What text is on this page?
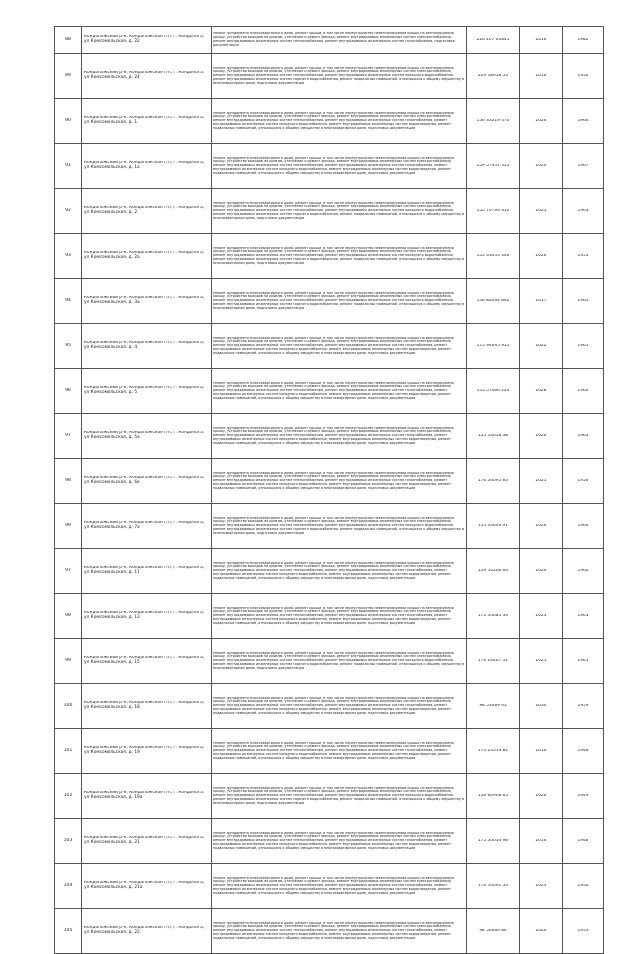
88	Кондопожский р-н, Кондопожское г/п, г. Кондопога, ул Комсомольская, д. 22	Ремонт фундамента многоквартирного дома, ремонт крыши, в том числе переустройство невентилируемой крыши на вентилируемую крышу, устройство выходов на кровлю, утепление и ремонт фасада, ремонт внутридомовых инженерных систем электроснабжения, ремонт внутридомовых инженерных систем теплоснабжения, ремонт внутридомовых инженерных систем газоснабжения, подготовка документации	226 207 01845	2016	1982

89	Кондопожский р-н, Кондопожское г/п, г. Кондопога, ул Комсомольская, д. 24	Ремонт фундамента многоквартирного дома, ремонт крыши, в том числе переустройство невентилируемой крыши на вентилируемую крышу, устройство выходов на кровлю, утепление и ремонт фасада, ремонт внутридомовых инженерных систем электроснабжения, ремонт внутридомовых инженерных систем теплоснабжения, ремонт внутридомовых инженерных систем холодного водоснабжения, ремонт внутридомовых инженерных систем горячего водоснабжения, ремонт подвальных помещений, относящихся к общему имуществу в многоквартирном доме, подготовка документации	229 58058 53	2016	1952

90	Кондопожский р-н, Кондопожское г/п, г. Кондопога, ул Комсомольская, д. 1	Ремонт фундамента многоквартирного дома, ремонт крыши, в том числе переустройство невентилируемой крыши на вентилируемую крышу, устройство выходов на кровлю, утепление и ремонт фасада, ремонт внутридомовых инженерных систем электроснабжения, ремонт внутридомовых инженерных систем теплоснабжения, ремонт внутридомовых инженерных систем газоснабжения, ремонт внутридомовых инженерных систем холодного водоснабжения, ремонт внутридомовых инженерных систем водоотведения, ремонт подвальных помещений, относящихся к общему имуществу в многоквартирном доме, подготовка документации	156 33219 474	2026	1966

91	Кондопожский р-н, Кондопожское г/п, г. Кондопога, ул Комсомольская, д. 1а	Ремонт фундамента многоквартирного дома, ремонт крыши, в том числе переустройство невентилируемой крыши на вентилируемую крышу, устройство выходов на кровлю, утепление и ремонт фасада, ремонт внутридомовых инженерных систем электроснабжения, ремонт внутридомовых инженерных систем теплоснабжения, ремонт внутридомовых инженерных систем газоснабжения, ремонт внутридомовых инженерных систем холодного водоснабжения, ремонт внутридомовых инженерных систем водоотведения, ремонт подвальных помещений, относящихся к общему имуществу в многоквартирном доме, подготовка документации	159 57951 355	2020	1967

92	Кондопожский р-н, Кондопожское г/п, г. Кондопога, ул Комсомольская, д. 2	Ремонт фундамента многоквартирного дома, ремонт крыши, в том числе переустройство невентилируемой крыши на вентилируемую крышу, устройство выходов на кровлю, утепление и ремонт фасада, ремонт внутридомовых инженерных систем электроснабжения, ремонт внутридомовых инженерных систем теплоснабжения, ремонт внутридомовых инженерных систем холодного водоснабжения, ремонт внутридомовых инженерных систем горячего водоснабжения, ремонт подвальных помещений, относящихся к общему имуществу в многоквартирном доме, подготовка документации	155 70793 312	2025	1963

93	Кондопожский р-н, Кондопожское г/п, г. Кондопога, ул Комсомольская, д. 2а	Ремонт фундамента многоквартирного дома, ремонт крыши, в том числе переустройство невентилируемой крыши на вентилируемую крышу, устройство выходов на кровлю, утепление и ремонт фасада, ремонт внутридомовых инженерных систем электроснабжения, ремонт внутридомовых инженерных систем теплоснабжения, ремонт внутридомовых инженерных систем холодного водоснабжения, ремонт внутридомовых инженерных систем горячего водоснабжения, ремонт подвальных помещений, относящихся к общему имуществу в многоквартирном доме, подготовка документации	155 33055 446	2026	1953

94	Кондопожский р-н, Кондопожское г/п, г. Кондопога, ул Комсомольская, д. 3а	Ремонт фундамента многоквартирного дома, ремонт крыши, в том числе переустройство невентилируемой крыши на вентилируемую крышу, устройство выходов на кровлю, утепление и ремонт фасада, ремонт внутридомовых инженерных систем электроснабжения, ремонт внутридомовых инженерных систем теплоснабжения, ремонт внутридомовых инженерных систем холодного водоснабжения, ремонт внутридомовых инженерных систем горячего водоснабжения, ремонт подвальных помещений, относящихся к общему имуществу в многоквартирном доме, подготовка документации	156 82092 842	2017	1965

95	Кондопожский р-н, Кондопожское г/п, г. Кондопога, ул Комсомольская, д. 4	Ремонт фундамента многоквартирного дома, ремонт крыши, в том числе переустройство невентилируемой крыши на вентилируемую крышу, устройство выходов на кровлю, утепление и ремонт фасада, ремонт внутридомовых инженерных систем электроснабжения, ремонт внутридомовых инженерных систем теплоснабжения, ремонт внутридомовых инженерных систем газоснабжения, ремонт внутридомовых инженерных систем холодного водоснабжения, ремонт внутридомовых инженерных систем водоотведения, ремонт подвальных помещений, относящихся к общему имуществу в многоквартирном доме, подготовка документации	175 94695 915	2022	1961

96	Кондопожский р-н, Кондопожское г/п, г. Кондопога, ул Комсомольская, д. 5	Ремонт фундамента многоквартирного дома, ремонт крыши, в том числе переустройство невентилируемой крыши на вентилируемую крышу, устройство выходов на кровлю, утепление и ремонт фасада, ремонт внутридомовых инженерных систем электроснабжения, ремонт внутридомовых инженерных систем теплоснабжения, ремонт внутридомовых инженерных систем газоснабжения, ремонт внутридомовых инженерных систем холодного водоснабжения, ремонт внутридомовых инженерных систем водоотведения, ремонт подвальных помещений, относящихся к общему имуществу в многоквартирном доме, подготовка документации	155 57066 224	2028	1962

97	Кондопожский р-н, Кондопожское г/п, г. Кондопога, ул Комсомольская, д. 5а	Ремонт фундамента многоквартирного дома, ремонт крыши, в том числе переустройство невентилируемой крыши на вентилируемую крышу, устройство выходов на кровлю, утепление и ремонт фасада, ремонт внутридомовых инженерных систем электроснабжения, ремонт внутридомовых инженерных систем теплоснабжения, ремонт внутридомовых инженерных систем газоснабжения, ремонт внутридомовых инженерных систем холодного водоснабжения, ремонт внутридомовых инженерных систем водоотведения, ремонт подвальных помещений, относящихся к общему имуществу в многоквартирном доме, подготовка документации	155 53018 38	2026	1965

98	Кондопожский р-н, Кондопожское г/п, г. Кондопога, ул Комсомольская, д. 6а	Ремонт фундамента многоквартирного дома, ремонт крыши, в том числе переустройство невентилируемой крыши на вентилируемую крышу, устройство выходов на кровлю, утепление и ремонт фасада, ремонт внутридомовых инженерных систем электроснабжения, ремонт внутридомовых инженерных систем теплоснабжения, ремонт внутридомовых инженерных систем газоснабжения, ремонт внутридомовых инженерных систем холодного водоснабжения, ремонт внутридомовых инженерных систем водоотведения, ремонт подвальных помещений, относящихся к общему имуществу в многоквартирном доме, подготовка документации	176 54095 83	2021	1956

99	Кондопожский р-н, Кондопожское г/п, г. Кондопога, ул Комсомольская, д. 7а	Ремонт фундамента многоквартирного дома, ремонт крыши, в том числе переустройство невентилируемой крыши на вентилируемую крышу, устройство выходов на кровлю, утепление и ремонт фасада, ремонт внутридомовых инженерных систем электроснабжения, ремонт внутридомовых инженерных систем теплоснабжения, ремонт внутридомовых инженерных систем холодного водоснабжения, ремонт внутридомовых инженерных систем горячего водоснабжения, ремонт подвальных помещений, относящихся к общему имуществу в многоквартирном доме, подготовка документации	155 33049 91	2026	1964

97	Кондопожский р-н, Кондопожское г/п, г. Кондопога, ул Комсомольская, д. 11	Ремонт фундамента многоквартирного дома, ремонт крыши, в том числе переустройство невентилируемой крыши на вентилируемую крышу, устройство выходов на кровлю, утепление и ремонт фасада, ремонт внутридомовых инженерных систем электроснабжения, ремонт внутридомовых инженерных систем теплоснабжения, ремонт внутридомовых инженерных систем газоснабжения, ремонт внутридомовых инженерных систем холодного водоснабжения, ремонт внутридомовых инженерных систем водоотведения, ремонт подвальных помещений, относящихся к общему имуществу в многоквартирном доме, подготовка документации	159 50206 66	2029	1960

98	Кондопожский р-н, Кондопожское г/п, г. Кондопога, ул Комсомольская, д. 13	Ремонт фундамента многоквартирного дома, ремонт крыши, в том числе переустройство невентилируемой крыши на вентилируемую крышу, устройство выходов на кровлю, утепление и ремонт фасада, ремонт внутридомовых инженерных систем электроснабжения, ремонт внутридомовых инженерных систем теплоснабжения, ремонт внутридомовых инженерных систем газоснабжения, ремонт внутридомовых инженерных систем холодного водоснабжения, ремонт внутридомовых инженерных систем водоотведения, ремонт подвальных помещений, относящихся к общему имуществу в многоквартирном доме, подготовка документации	175 54085 34	2023	1961

99	Кондопожский р-н, Кондопожское г/п, г. Кондопога, ул Комсомольская, д. 15	Ремонт фундамента многоквартирного дома, ремонт крыши, в том числе переустройство невентилируемой крыши на вентилируемую крышу, устройство выходов на кровлю, утепление и ремонт фасада, ремонт внутридомовых инженерных систем электроснабжения, ремонт внутридомовых инженерных систем теплоснабжения, ремонт внутридомовых инженерных систем холодного водоснабжения, ремонт внутридомовых инженерных систем горячего водоснабжения, ремонт подвальных помещений, относящихся к общему имуществу в многоквартирном доме, подготовка документации	176 24407 51	2021	1961

100	Кондопожский р-н, Кондопожское г/п, г. Кондопога, ул Комсомольская, д. 18	Ремонт фундамента многоквартирного дома, ремонт крыши, в том числе переустройство невентилируемой крыши на вентилируемую крышу, устройство выходов на кровлю, утепление и ремонт фасада, ремонт внутридомовых инженерных систем электроснабжения, ремонт внутридомовых инженерных систем теплоснабжения, ремонт внутридомовых инженерных систем газоснабжения, ремонт внутридомовых инженерных систем холодного водоснабжения, ремонт внутридомовых инженерных систем водоотведения, ремонт подвальных помещений, относящихся к общему имуществу в многоквартирном доме, подготовка документации	98 53089 65	2030	1959

101	Кондопожский р-н, Кондопожское г/п, г. Кондопога, ул Комсомольская, д. 19	Ремонт фундамента многоквартирного дома, ремонт крыши, в том числе переустройство невентилируемой крыши на вентилируемую крышу, устройство выходов на кровлю, утепление и ремонт фасада, ремонт внутридомовых инженерных систем электроснабжения, ремонт внутридомовых инженерных систем теплоснабжения, ремонт внутридомовых инженерных систем газоснабжения, ремонт внутридомовых инженерных систем холодного водоснабжения, ремонт внутридомовых инженерных систем водоотведения, ремонт подвальных помещений, относящихся к общему имуществу в многоквартирном доме, подготовка документации	175 23519 82	2016	1948

102	Кондопожский р-н, Кондопожское г/п, г. Кондопога, ул Комсомольская, д. 19а	Ремонт фундамента многоквартирного дома, ремонт крыши, в том числе переустройство невентилируемой крыши на вентилируемую крышу, устройство выходов на кровлю, утепление и ремонт фасада, ремонт внутридомовых инженерных систем электроснабжения, ремонт внутридомовых инженерных систем теплоснабжения, ремонт внутридомовых инженерных систем холодного водоснабжения, ремонт внутридомовых инженерных систем горячего водоснабжения, ремонт подвальных помещений, относящихся к общему имуществу в многоквартирном доме, подготовка документации	156 60908 65	2026	1949

103	Кондопожский р-н, Кондопожское г/п, г. Кондопога, ул Комсомольская, д. 21	Ремонт фундамента многоквартирного дома, ремонт крыши, в том числе переустройство невентилируемой крыши на вентилируемую крышу, устройство выходов на кровлю, утепление и ремонт фасада, ремонт внутридомовых инженерных систем электроснабжения, ремонт внутридомовых инженерных систем теплоснабжения, ремонт внутридомовых инженерных систем газоснабжения, ремонт внутридомовых инженерных систем холодного водоснабжения, ремонт внутридомовых инженерных систем водоотведения, ремонт подвальных помещений, относящихся к общему имуществу в многоквартирном доме, подготовка документации	175 50016 98	2016	1948

104	Кондопожский р-н, Кондопожское г/п, г. Кондопога, ул Комсомольская, д. 21а	Ремонт фундамента многоквартирного дома, ремонт крыши, в том числе переустройство невентилируемой крыши на вентилируемую крышу, устройство выходов на кровлю, утепление и ремонт фасада, ремонт внутридомовых инженерных систем электроснабжения, ремонт внутридомовых инженерных систем теплоснабжения, ремонт внутридомовых инженерных систем газоснабжения, ремонт внутридомовых инженерных систем холодного водоснабжения, ремонт внутридомовых инженерных систем водоотведения, ремонт подвальных помещений, относящихся к общему имуществу в многоквартирном доме, подготовка документации	176 54091 33	2023	1950

105	Кондопожский р-н, Кондопожское г/п, г. Кондопога, ул Комсомольская, д. 22	Ремонт фундамента многоквартирного дома, ремонт крыши, в том числе переустройство невентилируемой крыши на вентилируемую крышу, устройство выходов на кровлю, утепление и ремонт фасада, ремонт внутридомовых инженерных систем электроснабжения, ремонт внутридомовых инженерных систем теплоснабжения, ремонт внутридомовых инженерных систем газоснабжения, ремонт внутридомовых инженерных систем холодного водоснабжения, ремонт внутридомовых инженерных систем водоотведения, ремонт подвальных помещений, относящихся к общему имуществу в многоквартирном доме, подготовка документации	98 50660 86	2040	1953
